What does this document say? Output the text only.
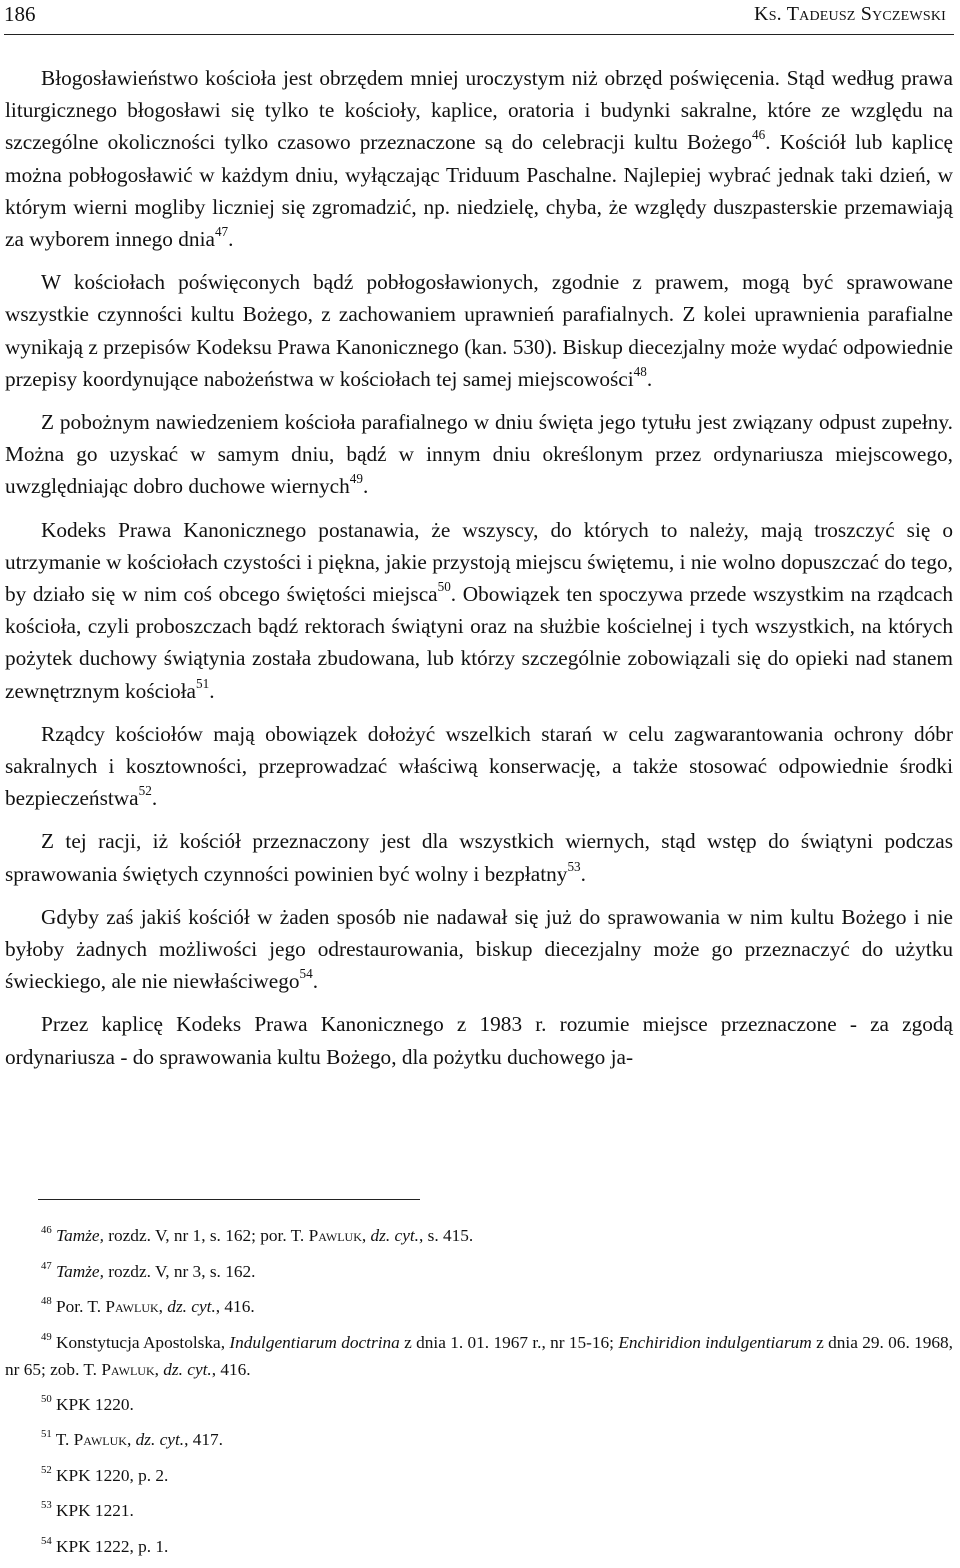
186	Ks. Tadeusz Syczewski

Błogosławieństwo kościoła jest obrzędem mniej uroczystym niż obrzęd poświęcenia. Stąd według prawa liturgicznego błogosławi się tylko te kościoły, kaplice, oratoria i budynki sakralne, które ze względu na szczególne okoliczności tylko czasowo przeznaczone są do celebracji kultu Bożego$^{46}$. Kościół lub kaplicę można pobłogosławić w każdym dniu, wyłączając Triduum Paschalne. Najlepiej wybrać jednak taki dzień, w którym wierni mogliby liczniej się zgromadzić, np. niedzielę, chyba, że względy duszpasterskie przemawiają za wyborem innego dnia$^{47}$.

W kościołach poświęconych bądź pobłogosławionych, zgodnie z prawem, mogą być sprawowane wszystkie czynności kultu Bożego, z zachowaniem uprawnień parafialnych. Z kolei uprawnienia parafialne wynikają z przepisów Kodeksu Prawa Kanonicznego (kan. 530). Biskup diecezjalny może wydać odpowiednie przepisy koordynujące nabożeństwa w kościołach tej samej miejscowości$^{48}$.

Z pobożnym nawiedzeniem kościoła parafialnego w dniu święta jego tytułu jest związany odpust zupełny. Można go uzyskać w samym dniu, bądź w innym dniu określonym przez ordynariusza miejscowego, uwzględniając dobro duchowe wiernych$^{49}$.

Kodeks Prawa Kanonicznego postanawia, że wszyscy, do których to należy, mają troszczyć się o utrzymanie w kościołach czystości i piękna, jakie przystoją miejscu świętemu, i nie wolno dopuszczać do tego, by działo się w nim coś obcego świętości miejsca$^{50}$. Obowiązek ten spoczywa przede wszystkim na rządcach kościoła, czyli proboszczach bądź rektorach świątyni oraz na służbie kościelnej i tych wszystkich, na których pożytek duchowy świątynia została zbudowana, lub którzy szczególnie zobowiązali się do opieki nad stanem zewnętrznym kościoła$^{51}$.

Rządcy kościołów mają obowiązek dołożyć wszelkich starań w celu zagwarantowania ochrony dóbr sakralnych i kosztowności, przeprowadzać właściwą konserwację, a także stosować odpowiednie środki bezpieczeństwa$^{52}$.

Z tej racji, iż kościół przeznaczony jest dla wszystkich wiernych, stąd wstęp do świątyni podczas sprawowania świętych czynności powinien być wolny i bezpłatny$^{53}$.

Gdyby zaś jakiś kościół w żaden sposób nie nadawał się już do sprawowania w nim kultu Bożego i nie byłoby żadnych możliwości jego odrestaurowania, biskup diecezjalny może go przeznaczyć do użytku świeckiego, ale nie niewłaściwego$^{54}$.

Przez kaplicę Kodeks Prawa Kanonicznego z 1983 r. rozumie miejsce przeznaczone - za zgodą ordynariusza - do sprawowania kultu Bożego, dla pożytku duchowego ja-

$^{46}$ Tamże, rozdz. V, nr 1, s. 162; por. T. Pawluk, dz. cyt., s. 415.
$^{47}$ Tamże, rozdz. V, nr 3, s. 162.
$^{48}$ Por. T. Pawluk, dz. cyt., 416.
$^{49}$ Konstytucja Apostolska, Indulgentiarum doctrina z dnia 1. 01. 1967 r., nr 15-16; Enchiridion indulgentiarum z dnia 29. 06. 1968, nr 65; zob. T. Pawluk, dz. cyt., 416.
$^{50}$ KPK 1220.
$^{51}$ T. Pawluk, dz. cyt., 417.
$^{52}$ KPK 1220, p. 2.
$^{53}$ KPK 1221.
$^{54}$ KPK 1222, p. 1.
